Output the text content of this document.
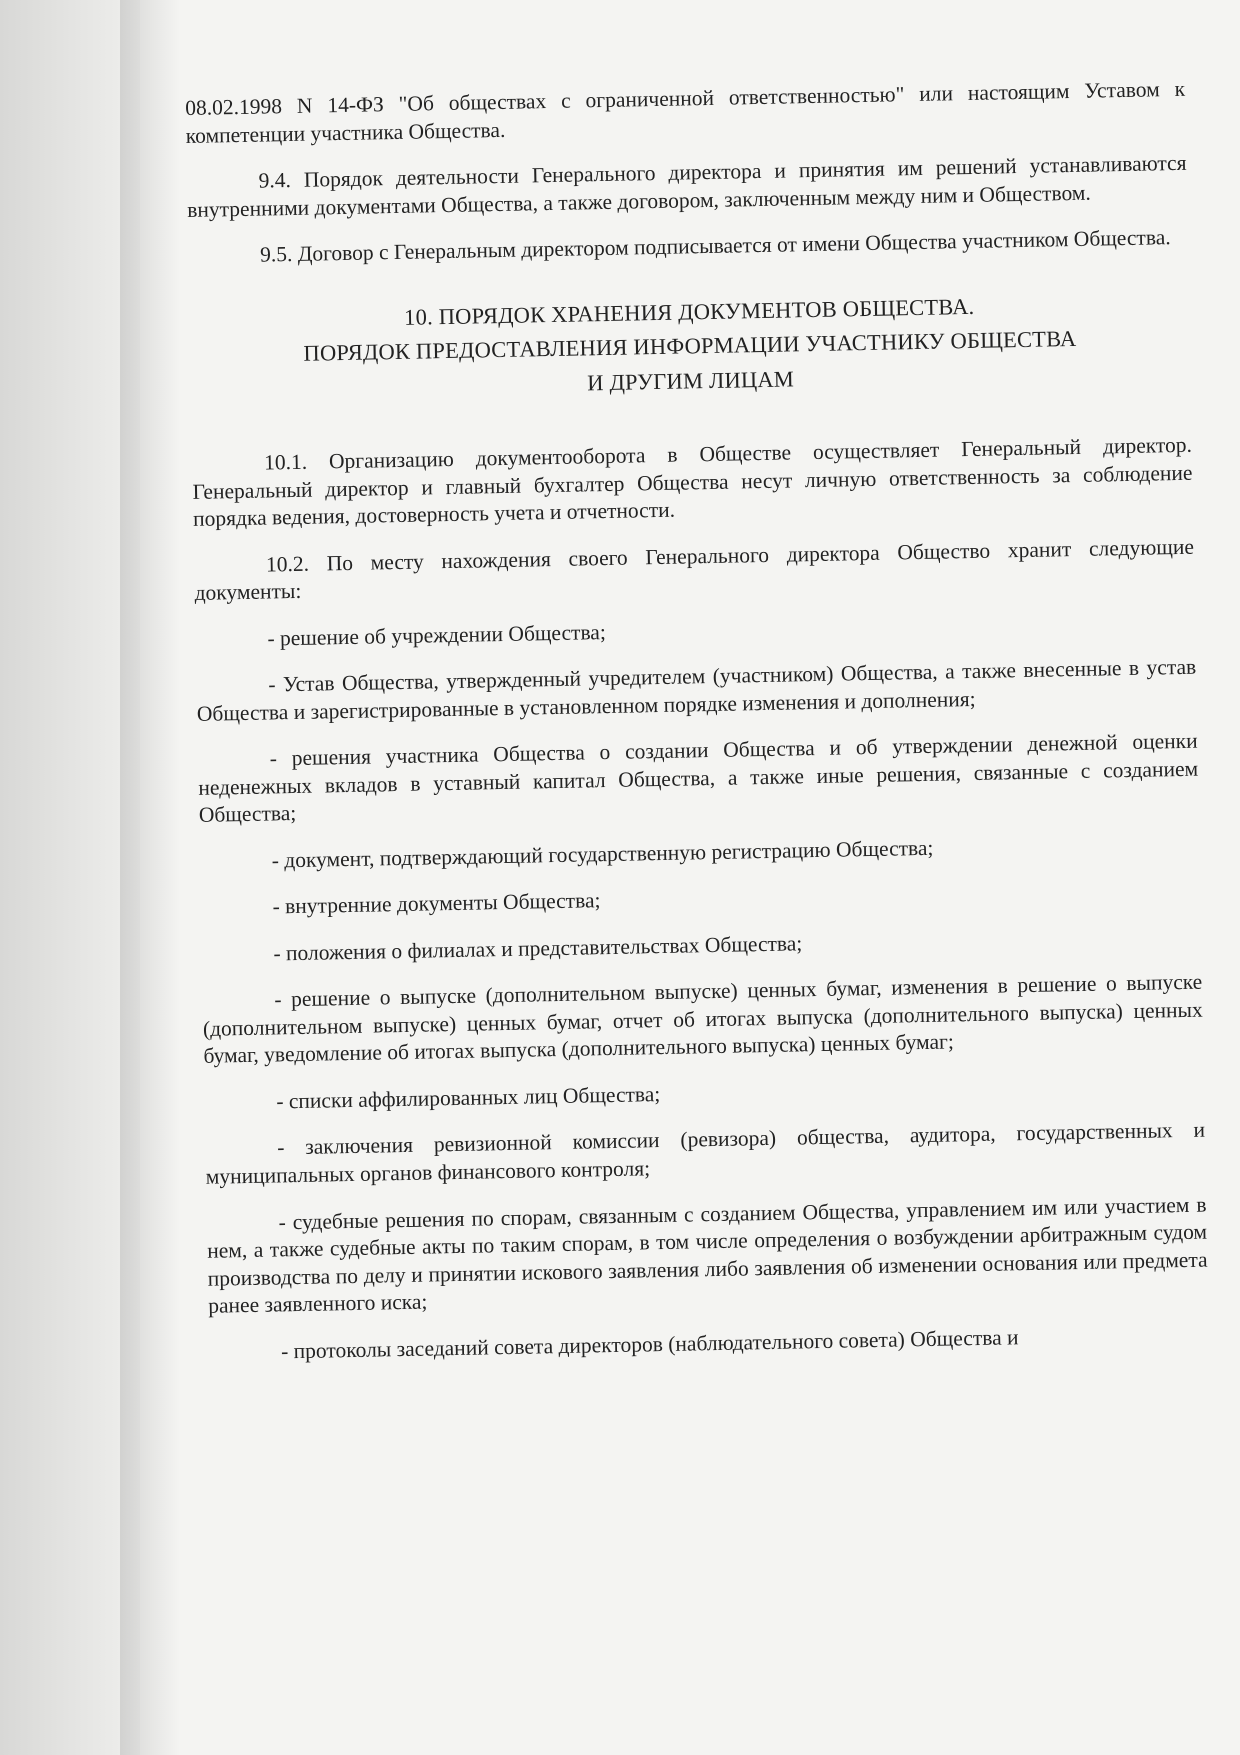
08.02.1998 N 14-ФЗ "Об обществах с ограниченной ответственностью" или настоящим Уставом к компетенции участника Общества.

9.4. Порядок деятельности Генерального директора и принятия им решений устанавливаются внутренними документами Общества, а также договором, заключенным между ним и Обществом.

9.5. Договор с Генеральным директором подписывается от имени Общества участником Общества.

10. ПОРЯДОК ХРАНЕНИЯ ДОКУМЕНТОВ ОБЩЕСТВА.
ПОРЯДОК ПРЕДОСТАВЛЕНИЯ ИНФОРМАЦИИ УЧАСТНИКУ ОБЩЕСТВА
И ДРУГИМ ЛИЦАМ

10.1. Организацию документооборота в Обществе осуществляет Генеральный директор. Генеральный директор и главный бухгалтер Общества несут личную ответственность за соблюдение порядка ведения, достоверность учета и отчетности.

10.2. По месту нахождения своего Генерального директора Общество хранит следующие документы:

- решение об учреждении Общества;

- Устав Общества, утвержденный учредителем (участником) Общества, а также внесенные в устав Общества и зарегистрированные в установленном порядке изменения и дополнения;

- решения участника Общества о создании Общества и об утверждении денежной оценки неденежных вкладов в уставный капитал Общества, а также иные решения, связанные с созданием Общества;

- документ, подтверждающий государственную регистрацию Общества;

- внутренние документы Общества;

- положения о филиалах и представительствах Общества;

- решение о выпуске (дополнительном выпуске) ценных бумаг, изменения в решение о выпуске (дополнительном выпуске) ценных бумаг, отчет об итогах выпуска (дополнительного выпуска) ценных бумаг, уведомление об итогах выпуска (дополнительного выпуска) ценных бумаг;

- списки аффилированных лиц Общества;

- заключения ревизионной комиссии (ревизора) общества, аудитора, государственных и муниципальных органов финансового контроля;

- судебные решения по спорам, связанным с созданием Общества, управлением им или участием в нем, а также судебные акты по таким спорам, в том числе определения о возбуждении арбитражным судом производства по делу и принятии искового заявления либо заявления об изменении основания или предмета ранее заявленного иска;

- протоколы заседаний совета директоров (наблюдательного совета) Общества и
